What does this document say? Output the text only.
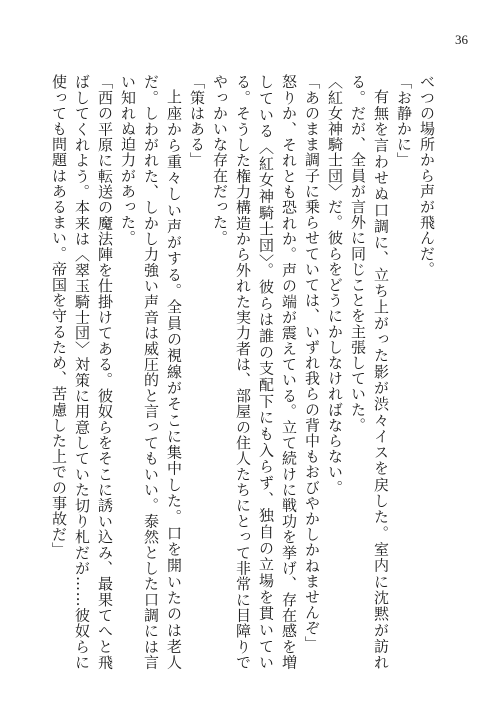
36

べつの場所から声が飛んだ。

「お静かに」

有無を言わせぬ口調に、立ち上がった影が渋々イスを戻した。室内に沈黙が訪れる。だが、全員が言外に同じことを主張していた。

〈紅女神騎士団〉だ。彼らをどうにかしなければならない。

「あのまま調子に乗らせていては、いずれ我らの背中もおびやかしかねませんぞ」

怒りか、それとも恐れか。声の端が震えている。立て続けに戦功を挙げ、存在感を増している〈紅女神騎士団〉。彼らは誰の支配下にも入らず、独自の立場を貫いている。そうした権力構造から外れた実力者は、部屋の住人たちにとって非常に目障りでやっかいな存在だった。

「策はある」

上座から重々しい声がする。全員の視線がそこに集中した。口を開いたのは老人だ。しわがれた、しかし力強い声音は威圧的と言ってもいい。泰然とした口調には言い知れぬ迫力があった。

「西の平原に転送の魔法陣を仕掛けてある。彼奴らをそこに誘い込み、最果てへと飛ばしてくれよう。本来は〈翠玉騎士団〉対策に用意していた切り札だが……彼奴らに使っても問題はあるまい。帝国を守るため、苦慮した上での事故だ」
